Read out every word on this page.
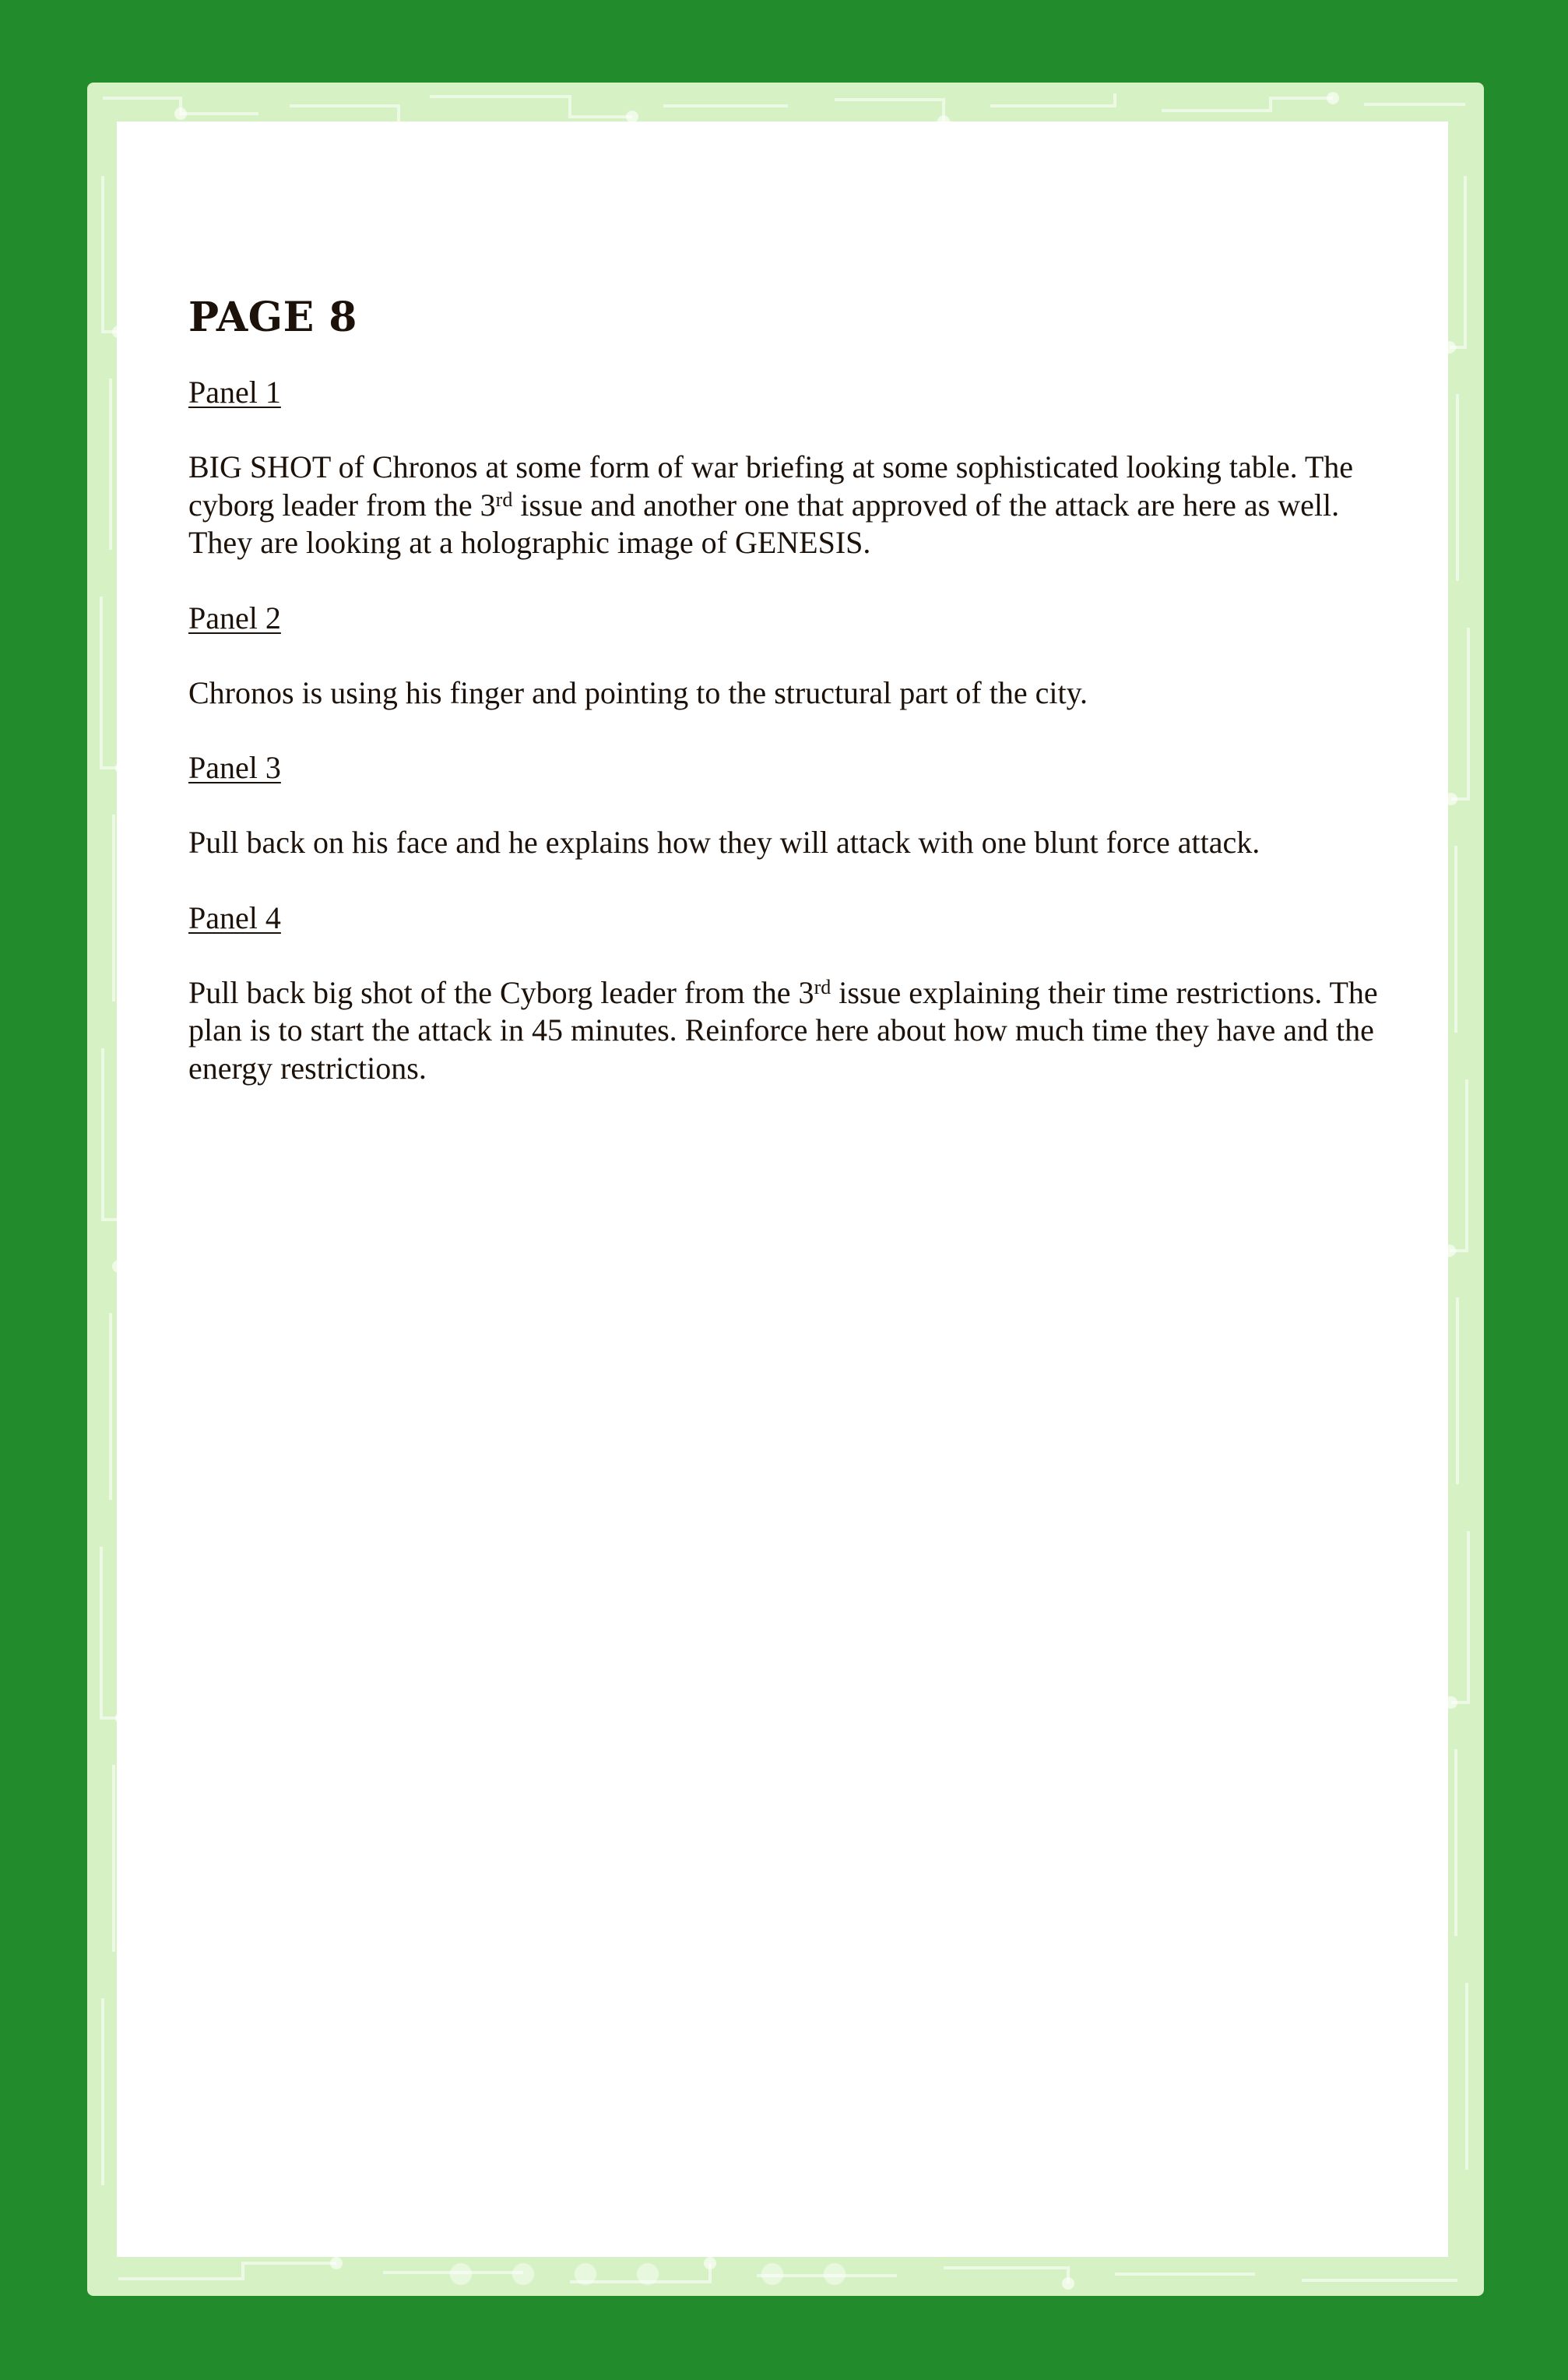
PAGE 8

Panel 1

BIG SHOT of Chronos at some form of war briefing at some sophisticated looking table. The cyborg leader from the 3rd issue and another one that approved of the attack are here as well. They are looking at a holographic image of GENESIS.

Panel 2

Chronos is using his finger and pointing to the structural part of the city.

Panel 3

Pull back on his face and he explains how they will attack with one blunt force attack.

Panel 4

Pull back big shot of the Cyborg leader from the 3rd issue explaining their time restrictions. The plan is to start the attack in 45 minutes. Reinforce here about how much time they have and the energy restrictions.
